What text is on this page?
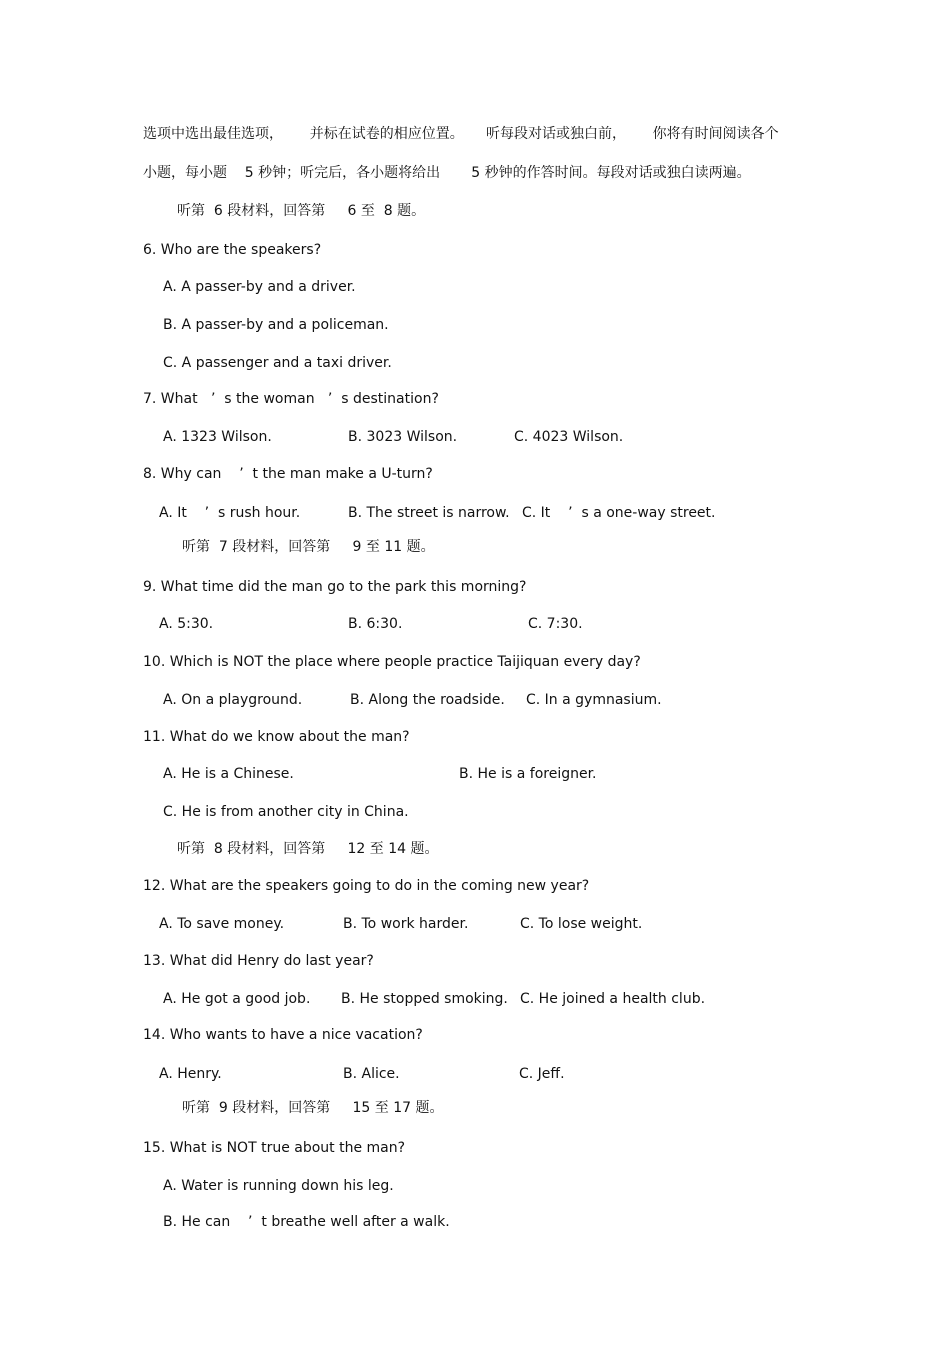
选项中选出最佳选项，      并标在试卷的相应位置。     听每段对话或独白前，      你将有时间阅读各个
小题，每小题    5 秒钟；听完后，各小题将给出       5 秒钟的作答时间。每段对话或独白读两遍。
听第  6 段材料，回答第     6 至  8 题。
6. Who are the speakers?
A. A passer-by and a driver.
B. A passer-by and a policeman.
C. A passenger and a taxi driver.
7. What   ’  s the woman   ’  s destination?
A. 1323 Wilson.	B. 3023 Wilson.	C. 4023 Wilson.
8. Why can    ’  t the man make a U-turn?
A. It    ’  s rush hour.	B. The street is narrow. C. It    ’  s a one-way street.
听第  7 段材料，回答第     9 至 11 题。
9. What time did the man go to the park this morning?
A. 5:30.	B. 6:30.	C. 7:30.
10. Which is NOT the place where people practice Taijiquan every day?
A. On a playground.	B. Along the roadside. C. In a gymnasium.
11. What do we know about the man?
A. He is a Chinese.	B. He is a foreigner.
C. He is from another city in China.
听第  8 段材料，回答第     12 至 14 题。
12. What are the speakers going to do in the coming new year?
A. To save money.	B. To work harder.	C. To lose weight.
13. What did Henry do last year?
A. He got a good job. B. He stopped smoking. C. He joined a health club.
14. Who wants to have a nice vacation?
A. Henry.	B. Alice.	C. Jeff.
听第  9 段材料，回答第     15 至 17 题。
15. What is NOT true about the man?
A. Water is running down his leg.
B. He can    ’  t breathe well after a walk.
